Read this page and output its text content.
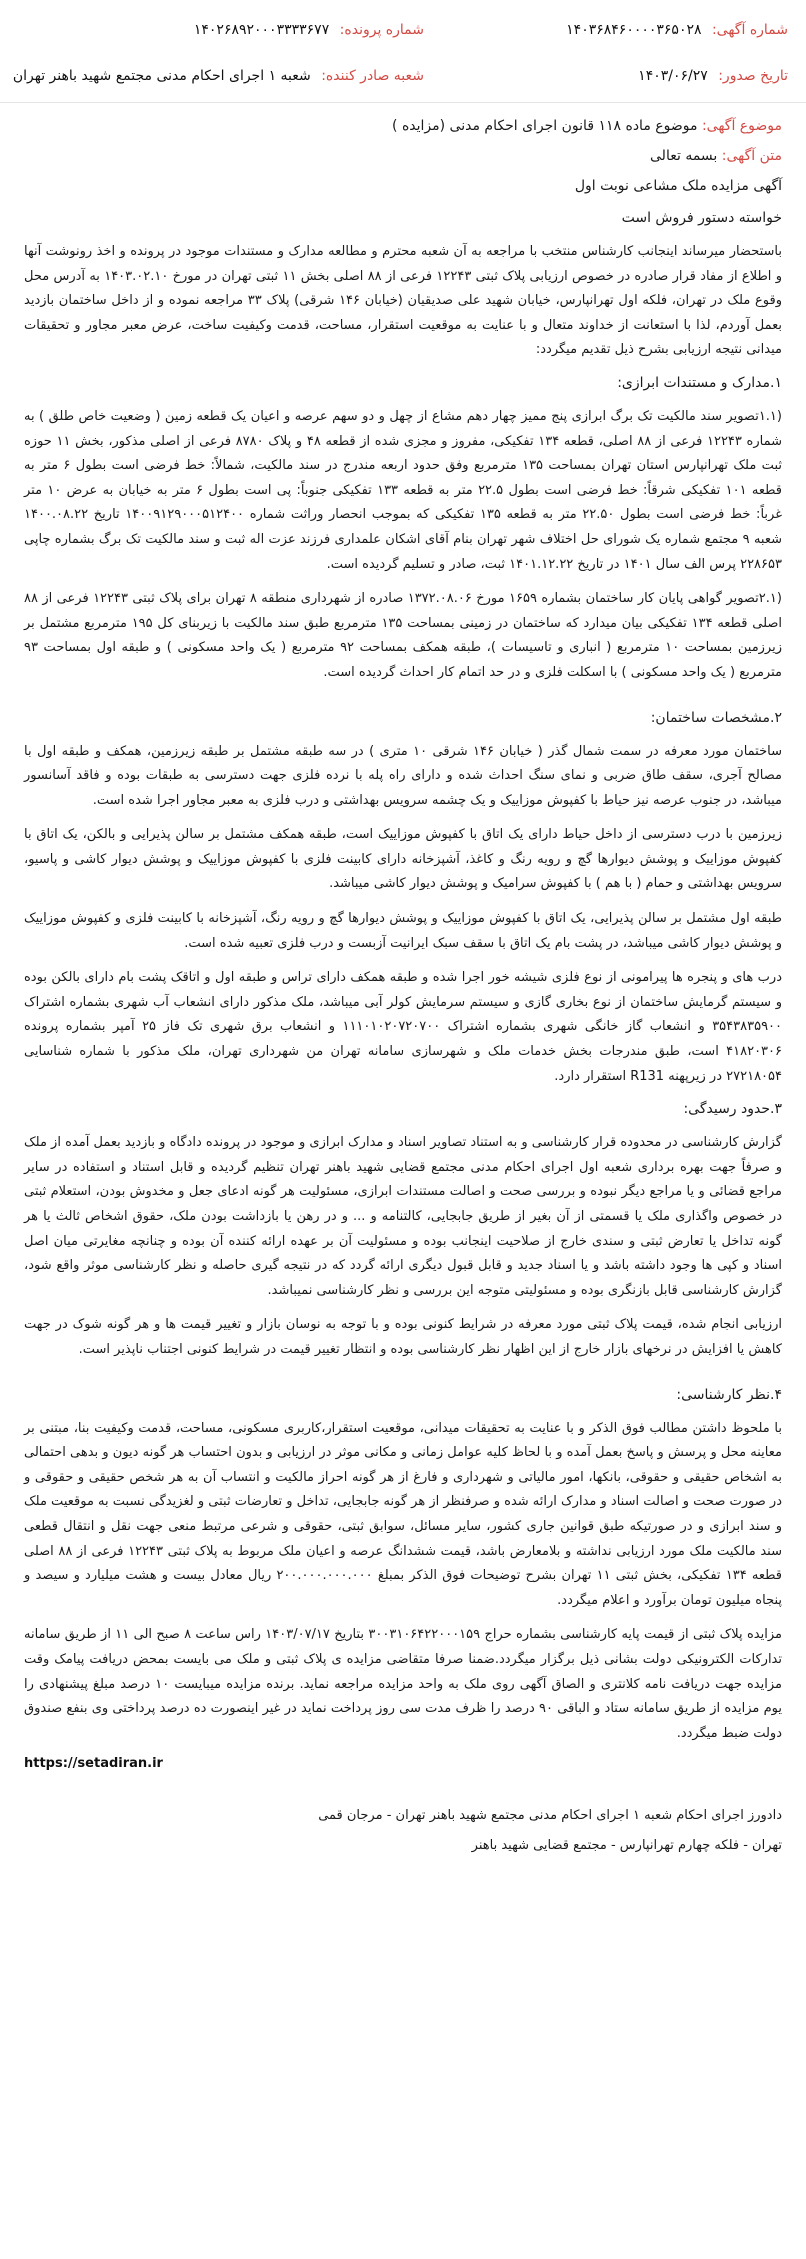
شماره آگهی: ۱۴۰۳۶۸۴۶۰۰۰۰۳۶۵۰۲۸
شماره پرونده: ۱۴۰۲۶۸۹۲۰۰۰۳۳۳۳۶۷۷
تاریخ صدور: ۱۴۰۳/۰۶/۲۷
شعبه صادر کننده: شعبه ۱ اجرای احکام مدنی مجتمع شهید باهنر تهران

موضوع آگهی: موضوع ماده ۱۱۸ قانون اجرای احکام مدنی (مزایده )

متن آگهی: بسمه تعالی

آگهی مزایده ملک مشاعی نوبت اول

خواسته دستور فروش است

باستحضار میرساند اینجانب کارشناس منتخب با مراجعه به آن شعبه محترم و مطالعه مدارک و مستندات موجود در پرونده و اخذ رونوشت آنها و اطلاع از مفاد قرار صادره در خصوص ارزیابی پلاک ثبتی ۱۲۲۴۳ فرعی از ۸۸ اصلی بخش ۱۱ ثبتی تهران در مورخ ۱۴۰۳.۰۲.۱۰ به آدرس محل وقوع ملک در تهران، فلکه اول تهرانپارس، خیابان شهید علی صدیقیان (خیابان ۱۴۶ شرقی) پلاک ۳۳ مراجعه نموده و از داخل ساختمان بازدید بعمل آوردم، لذا با استعانت از خداوند متعال و با عنایت به موقعیت استقرار، مساحت، قدمت وکیفیت ساخت، عرض معبر مجاور و تحقیقات میدانی نتیجه ارزیابی بشرح ذیل تقدیم میگردد:

۱.مدارک و مستندات ابرازی:

(۱.۱تصویر سند مالکیت تک برگ ابرازی پنج ممیز چهار دهم مشاع از چهل و دو سهم عرصه و اعیان یک قطعه زمین ( وضعیت خاص طلق ) به شماره ۱۲۲۴۳ فرعی از ۸۸ اصلی، قطعه ۱۳۴ تفکیکی، مفروز و مجزی شده از قطعه ۴۸ و پلاک ۸۷۸۰ فرعی از اصلی مذکور، بخش ۱۱ حوزه ثبت ملک تهرانپارس استان تهران بمساحت ۱۳۵ مترمربع وفق حدود اربعه مندرج در سند مالکیت، شمالاً: خط فرضی است بطول ۶ متر به قطعه ۱۰۱ تفکیکی شرقاً: خط فرضی است بطول ۲۲.۵ متر به قطعه ۱۳۳ تفکیکی جنوباً: پی است بطول ۶ متر به خیابان به عرض ۱۰ متر غرباً: خط فرضی است بطول ۲۲.۵۰ متر به قطعه ۱۳۵ تفکیکی که بموجب انحصار وراثت شماره ۱۴۰۰۹۱۲۹۰۰۰۵۱۲۴۰۰ تاریخ ۱۴۰۰.۰۸.۲۲ شعبه ۹ مجتمع شماره یک شورای حل اختلاف شهر تهران بنام آقای اشکان علمداری فرزند عزت اله ثبت و سند مالکیت تک برگ بشماره چاپی ۲۲۸۶۵۳ پرس الف سال ۱۴۰۱ در تاریخ ۱۴۰۱.۱۲.۲۲ ثبت، صادر و تسلیم گردیده است.

(۲.۱تصویر گواهی پایان کار ساختمان بشماره ۱۶۵۹ مورخ ۱۳۷۲.۰۸.۰۶ صادره از شهرداری منطقه ۸ تهران برای پلاک ثبتی ۱۲۲۴۳ فرعی از ۸۸ اصلی قطعه ۱۳۴ تفکیکی بیان میدارد که ساختمان در زمینی بمساحت ۱۳۵ مترمربع طبق سند مالکیت با زیربنای کل ۱۹۵ مترمربع مشتمل بر زیرزمین بمساحت ۱۰ مترمربع ( انباری و تاسیسات )، طبقه همکف بمساحت ۹۲ مترمربع ( یک واحد مسکونی ) و طبقه اول بمساحت ۹۳ مترمربع ( یک واحد مسکونی ) با اسکلت فلزی و در حد اتمام کار احداث گردیده است.

۲.مشخصات ساختمان:

ساختمان مورد معرفه در سمت شمال گذر ( خیابان ۱۴۶ شرقی ۱۰ متری ) در سه طبقه مشتمل بر طبقه زیرزمین، همکف و طبقه اول با مصالح آجری، سقف طاق ضربی و نمای سنگ احداث شده و دارای راه پله با نرده فلزی جهت دسترسی به طبقات بوده و فاقد آسانسور میباشد، در جنوب عرصه نیز حیاط با کفپوش موزاییک و یک چشمه سرویس بهداشتی و درب فلزی به معبر مجاور اجرا شده است.

زیرزمین با درب دسترسی از داخل حیاط دارای یک اتاق با کفپوش موزاییک است، طبقه همکف مشتمل بر سالن پذیرایی و بالکن، یک اتاق با کفپوش موزاییک و پوشش دیوارها گچ و رویه رنگ و کاغذ، آشپزخانه دارای کابینت فلزی با کفپوش موزاییک و پوشش دیوار کاشی و پاسیو، سرویس بهداشتی و حمام ( با هم ) با کفپوش سرامیک و پوشش دیوار کاشی میباشد.

طبقه اول مشتمل بر سالن پذیرایی، یک اتاق با کفپوش موزاییک و پوشش دیوارها گچ و رویه رنگ، آشپزخانه با کابینت فلزی و کفپوش موزاییک و پوشش دیوار کاشی میباشد، در پشت بام یک اتاق با سقف سبک ایرانیت آزبست و درب فلزی تعبیه شده است.

درب های و پنجره ها پیرامونی از نوع فلزی شیشه خور اجرا شده و طبقه همکف دارای تراس و طبقه اول و اتاقک پشت بام دارای بالکن بوده و سیستم گرمایش ساختمان از نوع بخاری گازی و سیستم سرمایش کولر آبی میباشد، ملک مذکور دارای انشعاب آب شهری بشماره اشتراک ۳۵۴۳۸۳۵۹۰۰ و انشعاب گاز خانگی شهری بشماره اشتراک ۱۱۱۰۱۰۲۰۷۲۰۷۰۰ و انشعاب برق شهری تک فاز ۲۵ آمپر بشماره پرونده ۴۱۸۲۰۳۰۶ است، طبق مندرجات بخش خدمات ملک و شهرسازی سامانه تهران من شهرداری تهران، ملک مذکور با شماره شناسایی ۲۷۲۱۸۰۵۴ در زیرپهنه R131 استقرار دارد.

۳.حدود رسیدگی:

گزارش کارشناسی در محدوده قرار کارشناسی و به استناد تصاویر اسناد و مدارک ابرازی و موجود در پرونده دادگاه و بازدید بعمل آمده از ملک و صرفاً جهت بهره برداری شعبه اول اجرای احکام مدنی مجتمع قضایی شهید باهنر تهران تنظیم گردیده و قابل استناد و استفاده در سایر مراجع قضائی و یا مراجع دیگر نبوده و بررسی صحت و اصالت مستندات ابرازی، مسئولیت هر گونه ادعای جعل و مخدوش بودن، استعلام ثبتی در خصوص واگذاری ملک یا قسمتی از آن بغیر از طریق جابجایی، کالتنامه و ... و در رهن یا بازداشت بودن ملک، حقوق اشخاص ثالث یا هر گونه تداخل یا تعارض ثبتی و سندی خارج از صلاحیت اینجانب بوده و مسئولیت آن بر عهده ارائه کننده آن بوده و چنانچه مغایرتی میان اصل اسناد و کپی ها وجود داشته باشد و یا اسناد جدید و قابل قبول دیگری ارائه گردد که در نتیجه گیری حاصله و نظر کارشناسی موثر واقع شود، گزارش کارشناسی قابل بازنگری بوده و مسئولیتی متوجه این بررسی و نظر کارشناسی نمیباشد.

ارزیابی انجام شده، قیمت پلاک ثبتی مورد معرفه در شرایط کنونی بوده و با توجه به نوسان بازار و تغییر قیمت ها و هر گونه شوک در جهت کاهش یا افزایش در نرخهای بازار خارج از این اظهار نظر کارشناسی بوده و انتظار تغییر قیمت در شرایط کنونی اجتناب ناپذیر است.

۴.نظر کارشناسی:

با ملحوظ داشتن مطالب فوق الذکر و با عنایت به تحقیقات میدانی، موقعیت استقرار،کاربری مسکونی، مساحت، قدمت وکیفیت بنا، مبتنی بر معاینه محل و پرسش و پاسخ بعمل آمده و با لحاظ کلیه عوامل زمانی و مکانی موثر در ارزیابی و بدون احتساب هر گونه دیون و بدهی احتمالی به اشخاص حقیقی و حقوقی، بانکها، امور مالیاتی و شهرداری و فارغ از هر گونه احراز مالکیت و انتساب آن به هر شخص حقیقی و حقوقی و در صورت صحت و اصالت اسناد و مدارک ارائه شده و صرفنظر از هر گونه جابجایی، تداخل و تعارضات ثبتی و لغزیدگی نسبت به موقعیت ملک و سند ابرازی و در صورتیکه طبق قوانین جاری کشور، سایر مسائل، سوابق ثبتی، حقوقی و شرعی مرتبط منعی جهت نقل و انتقال قطعی سند مالکیت ملک مورد ارزیابی نداشته و بلامعارض باشد، قیمت ششدانگ عرصه و اعیان ملک مربوط به پلاک ثبتی ۱۲۲۴۳ فرعی از ۸۸ اصلی قطعه ۱۳۴ تفکیکی، بخش ثبتی ۱۱ تهران بشرح توضیحات فوق الذکر بمبلغ ۲۰۰.۰۰۰.۰۰۰.۰۰۰ ریال معادل بیست و هشت میلیارد و سیصد و پنجاه میلیون تومان برآورد و اعلام میگردد.

مزایده پلاک ثبتی از قیمت پایه کارشناسی بشماره حراج ۳۰۰۳۱۰۶۴۲۲۰۰۰۱۵۹ بتاریخ ۱۴۰۳/۰۷/۱۷ راس ساعت ۸ صبح الی ۱۱ از طریق سامانه تدارکات الکترونیکی دولت بشانی ذیل برگزار میگردد.ضمنا صرفا متقاضی مزایده ی پلاک ثبتی و ملک می بایست بمحض دریافت پیامک وقت مزایده جهت دریافت نامه کلانتری و الصاق آگهی روی ملک به واحد مزایده مراجعه نماید. برنده مزایده میبایست ۱۰ درصد مبلغ پیشنهادی را یوم مزایده از طریق سامانه ستاد و الباقی ۹۰ درصد را ظرف مدت سی روز پرداخت نماید در غیر اینصورت ده درصد پرداختی وی بنفع صندوق دولت ضبط میگردد.

https://setadiran.ir

دادورز اجرای احکام شعبه ۱ اجرای احکام مدنی مجتمع شهید باهنر تهران - مرجان قمی
تهران - فلکه چهارم تهرانپارس - مجتمع قضایی شهید باهنر
